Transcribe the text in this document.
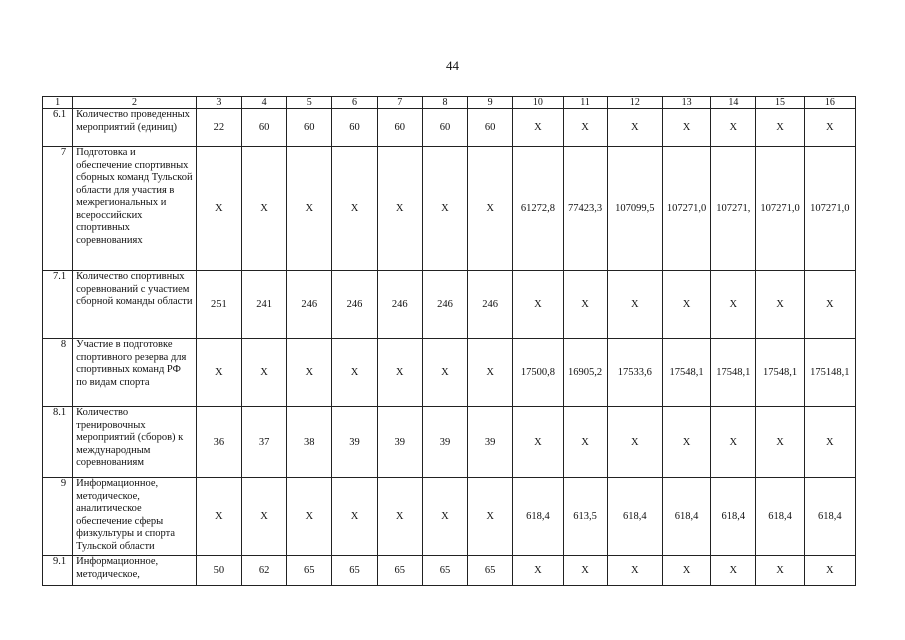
44
1	2	3	4	5	6	7	8	9	10	11	12	13	14	15	16
6.1	Количество проведенных мероприятий (единиц)	22	60	60	60	60	60	60	X	X	X	X	X	X	X
7	Подготовка и обеспечение спортивных сборных команд Тульской области для участия в межрегиональных и всероссийских спортивных соревнованиях	X	X	X	X	X	X	X	61272,8	77423,3	107099,5	107271,0	107271,	107271,0	107271,0
7.1	Количество спортивных соревнований с участием сборной команды области	251	241	246	246	246	246	246	X	X	X	X	X	X	X
8	Участие в подготовке спортивного резерва для спортивных команд РФ по видам спорта	X	X	X	X	X	X	X	17500,8	16905,2	17533,6	17548,1	17548,1	17548,1	175148,1
8.1	Количество тренировочных мероприятий (сборов) к международным соревнованиям	36	37	38	39	39	39	39	X	X	X	X	X	X	X
9	Информационное, методическое, аналитическое обеспечение сферы физкультуры и спорта Тульской области	X	X	X	X	X	X	X	618,4	613,5	618,4	618,4	618,4	618,4	618,4
9.1	Информационное, методическое,	50	62	65	65	65	65	65	X	X	X	X	X	X	X
